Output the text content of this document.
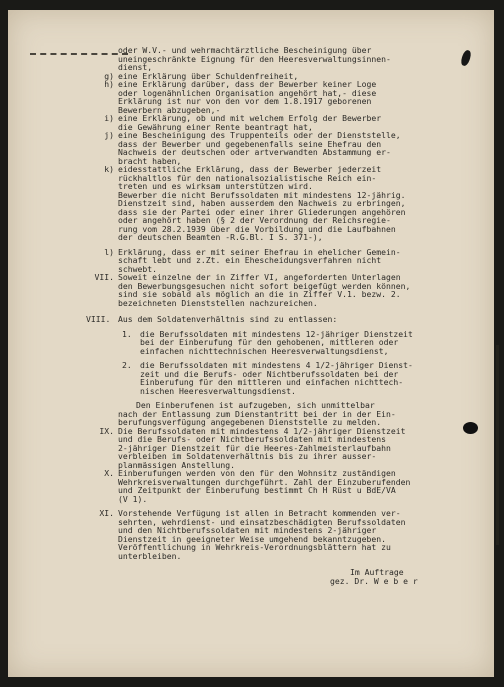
oder W.V.- und wehrmachtärztliche Bescheinigung über
uneingeschränkte Eignung für den Heeresverwaltungsinnen-
dienst,
g) eine Erklärung über Schuldenfreiheit,
h) eine Erklärung darüber, dass der Bewerber keiner Loge
oder logenähnlichen Organisation angehört hat,- diese
Erklärung ist nur von den vor dem 1.8.1917 geborenen
Bewerbern abzugeben,-
i) eine Erklärung, ob und mit welchem Erfolg der Bewerber
die Gewährung einer Rente beantragt hat,
j) eine Bescheinigung des Truppenteils oder der Dienststelle,
dass der Bewerber und gegebenenfalls seine Ehefrau den
Nachweis der deutschen oder artverwandten Abstammung er-
bracht haben,
k) eidesstattliche Erklärung, dass der Bewerber jederzeit
rückhaltlos für den nationalsozialistische Reich ein-
treten und es wirksam unterstützen wird.
Bewerber die nicht Berufssoldaten mit mindestens 12-jährig.
Dienstzeit sind, haben ausserdem den Nachweis zu erbringen,
dass sie der Partei oder einer ihrer Gliederungen angehören
oder angehört haben (§ 2 der Verordnung der Reichsregie-
rung vom 28.2.1939 über die Vorbildung und die Laufbahnen
der deutschen Beamten -R.G.Bl. I S. 371-),
l) Erklärung, dass er mit seiner Ehefrau in ehelicher Gemein-
schaft lebt und z.Zt. ein Ehescheidungsverfahren nicht
schwebt.
VII. Soweit einzelne der in Ziffer VI, angeforderten Unterlagen
den Bewerbungsgesuchen nicht sofort beigefügt werden können,
sind sie sobald als möglich an die in Ziffer V.1. bezw. 2.
bezeichneten Dienststellen nachzureichen.
VIII. Aus dem Soldatenverhältnis sind zu entlassen:
1. die Berufssoldaten mit mindestens 12-jähriger Dienstzeit
bei der Einberufung für den gehobenen, mittleren oder
einfachen nichttechnischen Heeresverwaltungsdienst,
2. die Berufssoldaten mit mindestens 4 1/2-jähriger Dienst-
zeit und die Berufs- oder Nichtberufssoldaten bei der
Einberufung für den mittleren und einfachen nichttech-
nischen Heeresverwaltungsdienst.
Den Einberufenen ist aufzugeben, sich unmittelbar
nach der Entlassung zum Dienstantritt bei der in der Ein-
berufungsverfügung angegebenen Dienststelle zu melden.
IX. Die Berufssoldaten mit mindestens 4 1/2-jähriger Dienstzeit
und die Berufs- oder Nichtberufssoldaten mit mindestens
2-jähriger Dienstzeit für die Heeres-Zahlmeisterlaufbahn
verbleiben im Soldatenverhältnis bis zu ihrer ausser-
planmässigen Anstellung.
X. Einberufungen werden von den für den Wohnsitz zuständigen
Wehrkreisverwaltungen durchgeführt. Zahl der Einzuberufenden
und Zeitpunkt der Einberufung bestimmt Ch H Rüst u BdE/VA
(V 1).
XI. Vorstehende Verfügung ist allen in Betracht kommenden ver-
sehrten, wehrdienst- und einsatzbeschädigten Berufssoldaten
und den Nichtberufssoldaten mit mindestens 2-jähriger
Dienstzeit in geeigneter Weise umgehend bekanntzugeben.
Veröffentlichung in Wehrkreis-Verordnungsblättern hat zu
unterbleiben.
Im Auftrage
gez. Dr. W e b e r
